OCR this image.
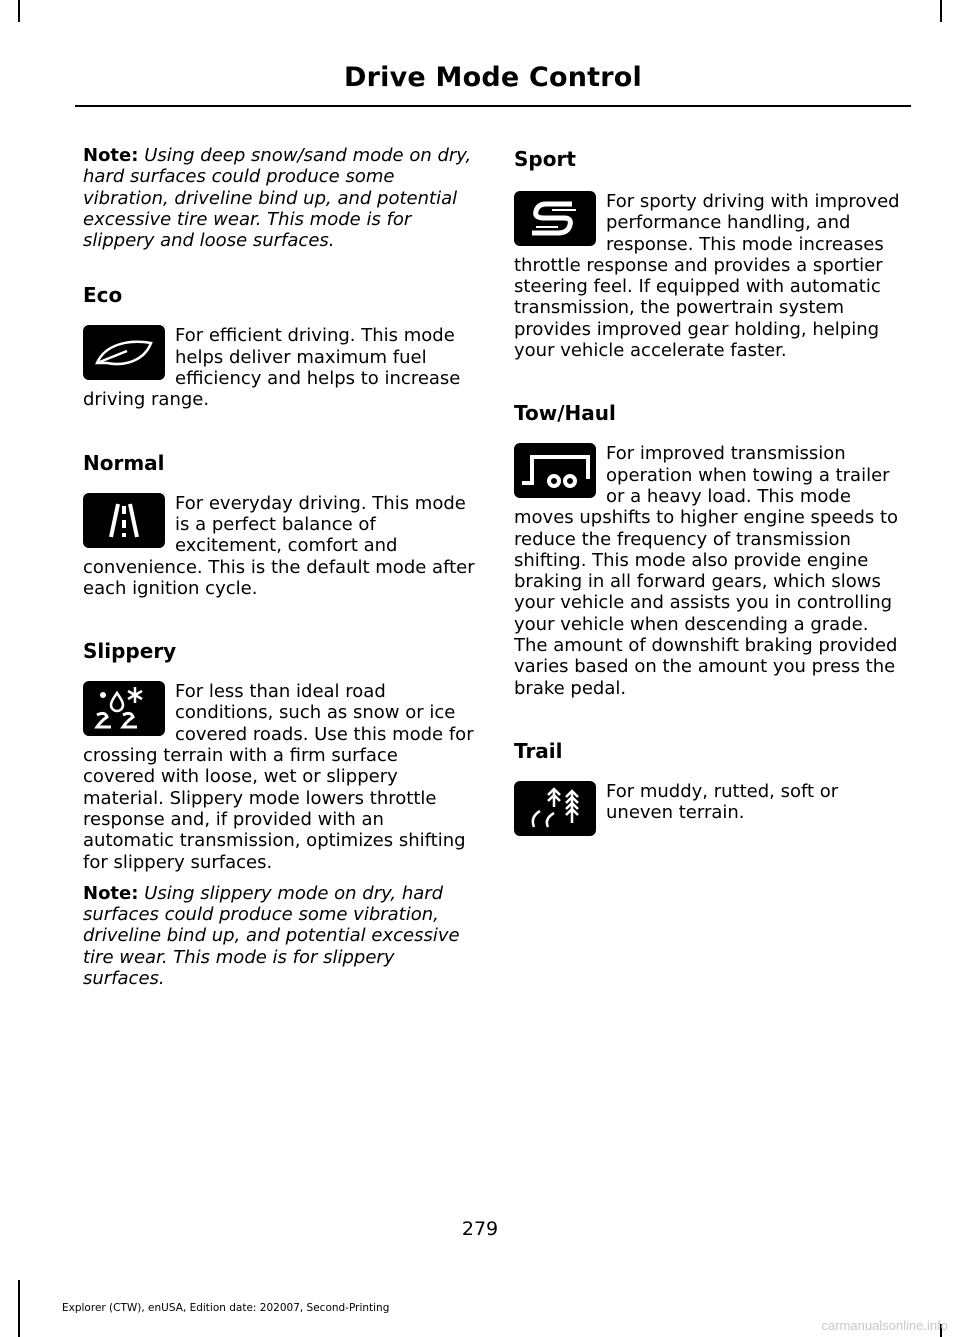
Drive Mode Control

Note: Using deep snow/sand mode on dry, hard surfaces could produce some vibration, driveline bind up, and potential excessive tire wear. This mode is for slippery and loose surfaces.

Eco

For efficient driving. This mode helps deliver maximum fuel efficiency and helps to increase driving range.

Normal

For everyday driving. This mode is a perfect balance of excitement, comfort and convenience. This is the default mode after each ignition cycle.

Slippery

For less than ideal road conditions, such as snow or ice covered roads. Use this mode for crossing terrain with a firm surface covered with loose, wet or slippery material. Slippery mode lowers throttle response and, if provided with an automatic transmission, optimizes shifting for slippery surfaces.

Note: Using slippery mode on dry, hard surfaces could produce some vibration, driveline bind up, and potential excessive tire wear. This mode is for slippery surfaces.

Sport

For sporty driving with improved performance handling, and response. This mode increases throttle response and provides a sportier steering feel. If equipped with automatic transmission, the powertrain system provides improved gear holding, helping your vehicle accelerate faster.

Tow/Haul

For improved transmission operation when towing a trailer or a heavy load. This mode moves upshifts to higher engine speeds to reduce the frequency of transmission shifting. This mode also provide engine braking in all forward gears, which slows your vehicle and assists you in controlling your vehicle when descending a grade. The amount of downshift braking provided varies based on the amount you press the brake pedal.

Trail

For muddy, rutted, soft or uneven terrain.

279
Explorer (CTW), enUSA, Edition date: 202007, Second-Printing
carmanualsonline.info
